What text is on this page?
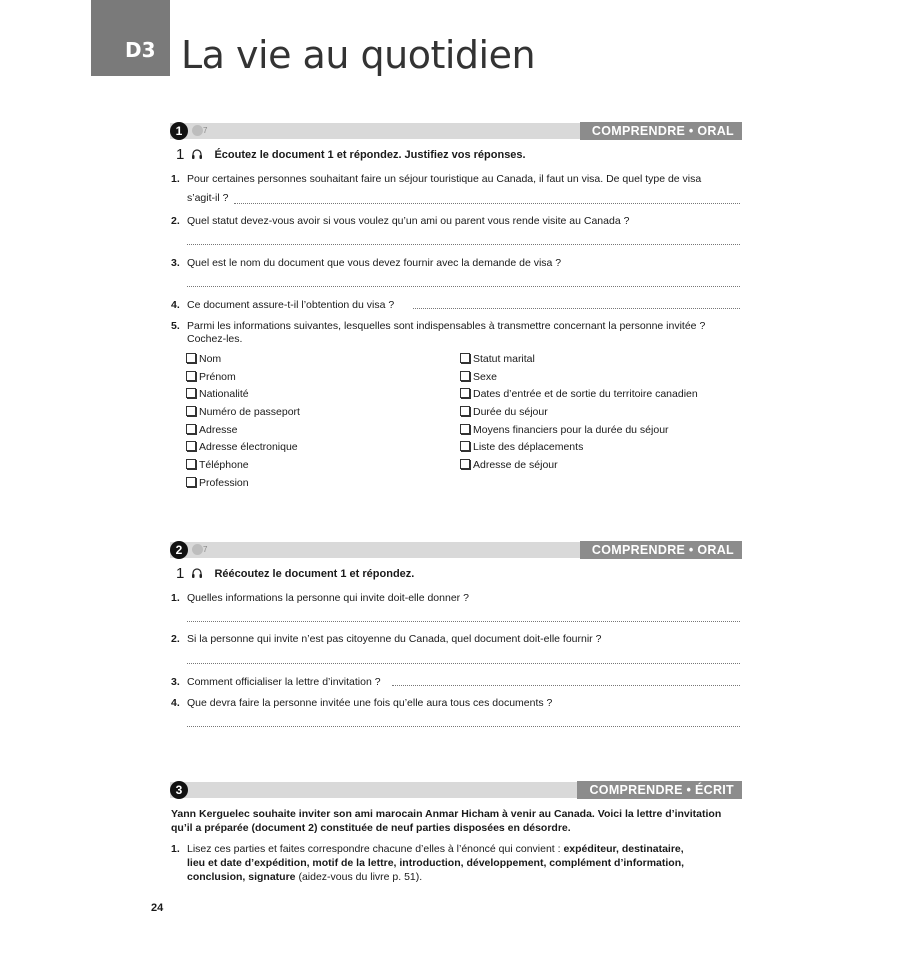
D3 La vie au quotidien
1	7	COMPRENDRE • ORAL
1	Écoutez le document 1 et répondez. Justifiez vos réponses.
1. Pour certaines personnes souhaitant faire un séjour touristique au Canada, il faut un visa. De quel type de visa
s’agit-il ?
2. Quel statut devez-vous avoir si vous voulez qu’un ami ou parent vous rende visite au Canada ?
3. Quel est le nom du document que vous devez fournir avec la demande de visa ?
4. Ce document assure-t-il l’obtention du visa ?
5. Parmi les informations suivantes, lesquelles sont indispensables à transmettre concernant la personne invitée ?
Cochez-les.
Nom
Prénom
Nationalité
Numéro de passeport
Adresse
Adresse électronique
Téléphone
Profession
Statut marital
Sexe
Dates d’entrée et de sortie du territoire canadien
Durée du séjour
Moyens financiers pour la durée du séjour
Liste des déplacements
Adresse de séjour
2	7	COMPRENDRE • ORAL
1	Réécoutez le document 1 et répondez.
1. Quelles informations la personne qui invite doit-elle donner ?
2. Si la personne qui invite n’est pas citoyenne du Canada, quel document doit-elle fournir ?
3. Comment officialiser la lettre d’invitation ?
4. Que devra faire la personne invitée une fois qu’elle aura tous ces documents ?
3	COMPRENDRE • ÉCRIT
Yann Kerguelec souhaite inviter son ami marocain Anmar Hicham à venir au Canada. Voici la lettre d’invitation
qu’il a préparée (document 2) constituée de neuf parties disposées en désordre.
1. Lisez ces parties et faites correspondre chacune d’elles à l’énoncé qui convient : expéditeur, destinataire,
lieu et date d’expédition, motif de la lettre, introduction, développement, complément d’information,
conclusion, signature (aidez-vous du livre p. 51).
24
